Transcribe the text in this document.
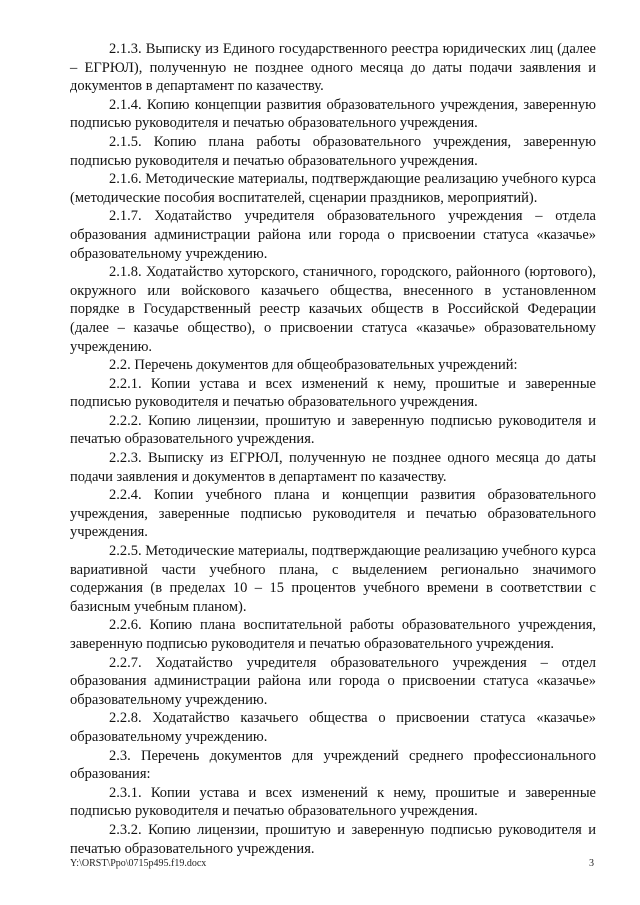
2.1.3. Выписку из Единого государственного реестра юридических лиц (далее – ЕГРЮЛ), полученную не позднее одного месяца до даты подачи заявления и документов в департамент по казачеству.

2.1.4. Копию концепции развития образовательного учреждения, заверенную подписью руководителя и печатью образовательного учреждения.

2.1.5. Копию плана работы образовательного учреждения, заверенную подписью руководителя и печатью образовательного учреждения.

2.1.6. Методические материалы, подтверждающие реализацию учебного курса (методические пособия воспитателей, сценарии праздников, мероприятий).

2.1.7. Ходатайство учредителя образовательного учреждения – отдела образования администрации района или города о присвоении статуса «казачье» образовательному учреждению.

2.1.8. Ходатайство хуторского, станичного, городского, районного (юртового), окружного или войскового казачьего общества, внесенного в установленном порядке в Государственный реестр казачьих обществ в Российской Федерации (далее – казачье общество), о присвоении статуса «казачье» образовательному учреждению.

2.2. Перечень документов для общеобразовательных учреждений:

2.2.1. Копии устава и всех изменений к нему, прошитые и заверенные подписью руководителя и печатью образовательного учреждения.

2.2.2. Копию лицензии, прошитую и заверенную подписью руководителя и печатью образовательного учреждения.

2.2.3. Выписку из ЕГРЮЛ, полученную не позднее одного месяца до даты подачи заявления и документов в департамент по казачеству.

2.2.4. Копии учебного плана и концепции развития образовательного учреждения, заверенные подписью руководителя и печатью образовательного учреждения.

2.2.5. Методические материалы, подтверждающие реализацию учебного курса вариативной части учебного плана, с выделением регионально значимого содержания (в пределах 10 – 15 процентов учебного времени в соответствии с базисным учебным планом).

2.2.6. Копию плана воспитательной работы образовательного учреждения, заверенную подписью руководителя и печатью образовательного учреждения.

2.2.7. Ходатайство учредителя образовательного учреждения – отдел образования администрации района или города о присвоении статуса «казачье» образовательному учреждению.

2.2.8. Ходатайство казачьего общества о присвоении статуса «казачье» образовательному учреждению.

2.3. Перечень документов для учреждений среднего профессионального образования:

2.3.1. Копии устава и всех изменений к нему, прошитые и заверенные подписью руководителя и печатью образовательного учреждения.

2.3.2. Копию лицензии, прошитую и заверенную подписью руководителя и печатью образовательного учреждения.

Y:\ORST\Ppo\0715p495.f19.docx	3
